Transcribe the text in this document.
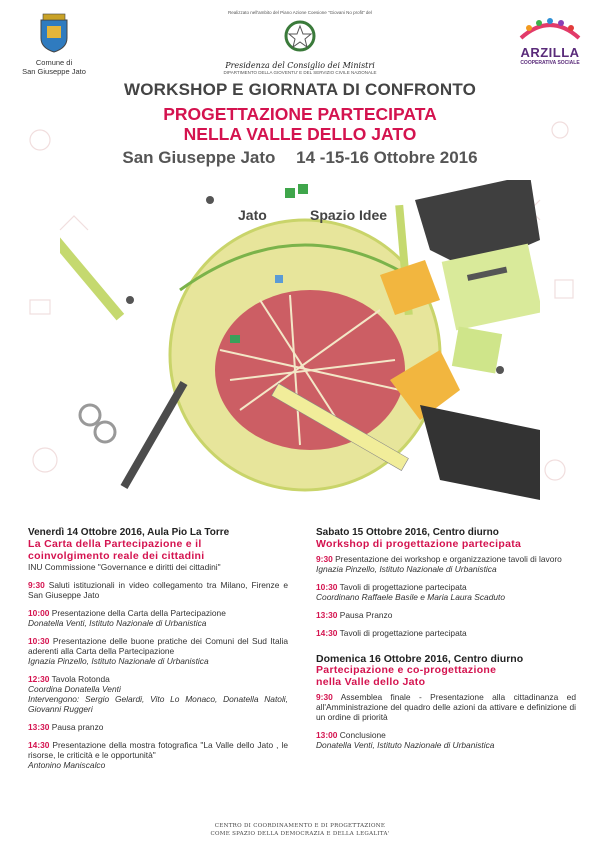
Comune di
San Giuseppe Jato
Realizzato nell'ambito del Piano Azione Coesione "Giovani No profit" del
Presidenza del Consiglio dei Ministri
DIPARTIMENTO DELLA GIOVENTU' E DEL SERVIZIO CIVILE NAZIONALE
ARZILLA
COOPERATIVA SOCIALE
WORKSHOP E GIORNATA DI CONFRONTO
PROGETTAZIONE PARTECIPATA
NELLA VALLE DELLO JATO
San Giuseppe Jato 14 -15-16 Ottobre 2016
Jato	Spazio Idee
Venerdì 14 Ottobre 2016, Aula Pio La Torre
La Carta della Partecipazione e il
coinvolgimento reale dei cittadini
INU Commissione "Governance e diritti dei cittadini"
9:30 Saluti istituzionali in video collegamento tra Milano, Firenze e San Giuseppe Jato
10:00 Presentazione della Carta della Partecipazione
Donatella Venti, Istituto Nazionale di Urbanistica
10:30 Presentazione delle buone pratiche dei Comuni del Sud Italia aderenti alla Carta della Partecipazione
Ignazia Pinzello, Istituto Nazionale di Urbanistica
12:30 Tavola Rotonda
Coordina Donatella Venti
Intervengono: Sergio Gelardi, Vito Lo Monaco, Donatella Natoli, Giovanni Ruggeri
13:30 Pausa pranzo
14:30 Presentazione della mostra fotografica "La Valle dello Jato , le risorse, le criticità e le opportunità"
Antonino Maniscalco
Sabato 15 Ottobre 2016, Centro diurno
Workshop di progettazione partecipata
9:30 Presentazione dei workshop e organizzazione tavoli di lavoro
Ignazia Pinzello, Istituto Nazionale di Urbanistica
10:30 Tavoli di progettazione partecipata
Coordinano Raffaele Basile e Maria Laura Scaduto
13:30 Pausa Pranzo
14:30 Tavoli di progettazione partecipata
Domenica 16 Ottobre 2016, Centro diurno
Partecipazione e co-progettazione
nella Valle dello Jato
9:30 Assemblea finale - Presentazione alla cittadinanza ed all'Amministrazione del quadro delle azioni da attivare e definizione di un ordine di priorità
13:00 Conclusione
Donatella Venti, Istituto Nazionale di Urbanistica
CENTRO DI COORDINAMENTO E DI PROGETTAZIONE
COME SPAZIO DELLA DEMOCRAZIA E DELLA LEGALITA'
